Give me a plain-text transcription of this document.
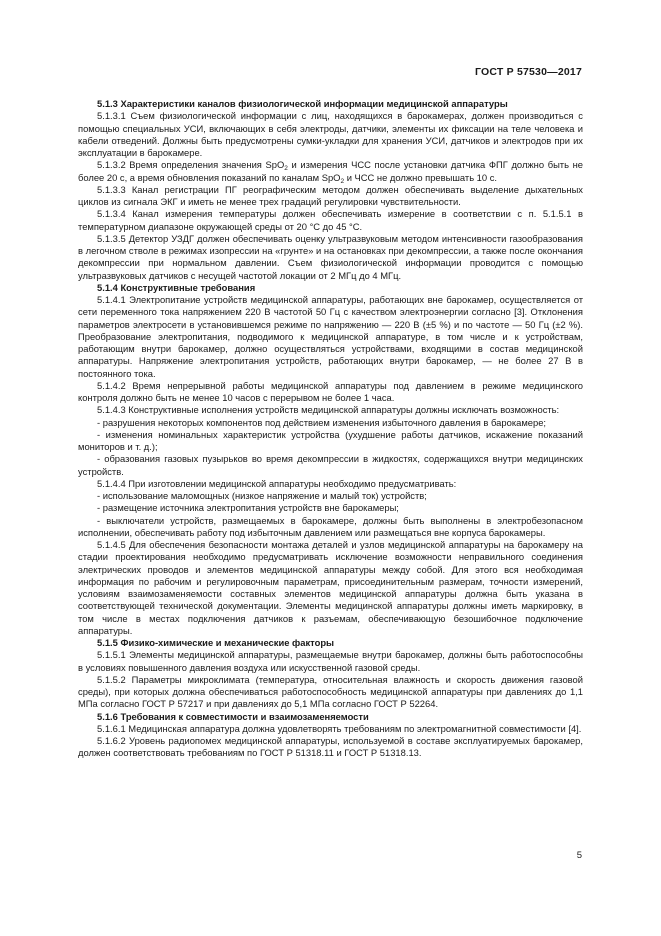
ГОСТ Р 57530—2017

5.1.3 Характеристики каналов физиологической информации медицинской аппаратуры

5.1.3.1 Съем физиологической информации с лиц, находящихся в барокамерах, должен производиться с помощью специальных УСИ, включающих в себя электроды, датчики, элементы их фиксации на теле человека и кабели отведений. Должны быть предусмотрены сумки-укладки для хранения УСИ, датчиков и электродов при их эксплуатации в барокамере.

5.1.3.2 Время определения значения SpO$_2$ и измерения ЧСС после установки датчика ФПГ должно быть не более 20 с, а время обновления показаний по каналам SpO$_2$ и ЧСС не должно превышать 10 с.

5.1.3.3 Канал регистрации ПГ реографическим методом должен обеспечивать выделение дыхательных циклов из сигнала ЭКГ и иметь не менее трех градаций регулировки чувствительности.

5.1.3.4 Канал измерения температуры должен обеспечивать измерение в соответствии с п. 5.1.5.1 в температурном диапазоне окружающей среды от 20 °С до 45 °С.

5.1.3.5 Детектор УЗДГ должен обеспечивать оценку ультразвуковым методом интенсивности газообразования в легочном стволе в режимах изопрессии на «грунте» и на остановках при декомпрессии, а также после окончания декомпрессии при нормальном давлении. Съем физиологической информации проводится с помощью ультразвуковых датчиков с несущей частотой локации от 2 МГц до 4 МГц.

5.1.4 Конструктивные требования

5.1.4.1 Электропитание устройств медицинской аппаратуры, работающих вне барокамер, осуществляется от сети переменного тока напряжением 220 В частотой 50 Гц с качеством электроэнергии согласно [3]. Отклонения параметров электросети в установившемся режиме по напряжению — 220 В (±5 %) и по частоте — 50 Гц (±2 %). Преобразование электропитания, подводимого к медицинской аппаратуре, в том числе и к устройствам, работающим внутри барокамер, должно осуществляться устройствами, входящими в состав медицинской аппаратуры. Напряжение электропитания устройств, работающих внутри барокамер, — не более 27 В в постоянного тока.

5.1.4.2 Время непрерывной работы медицинской аппаратуры под давлением в режиме медицинского контроля должно быть не менее 10 часов с перерывом не более 1 часа.

5.1.4.3 Конструктивные исполнения устройств медицинской аппаратуры должны исключать возможность:

- разрушения некоторых компонентов под действием изменения избыточного давления в барокамере;

- изменения номинальных характеристик устройства (ухудшение работы датчиков, искажение показаний мониторов и т. д.);

- образования газовых пузырьков во время декомпрессии в жидкостях, содержащихся внутри медицинских устройств.

5.1.4.4 При изготовлении медицинской аппаратуры необходимо предусматривать:

- использование маломощных (низкое напряжение и малый ток) устройств;

- размещение источника электропитания устройств вне барокамеры;

- выключатели устройств, размещаемых в барокамере, должны быть выполнены в электробезопасном исполнении, обеспечивать работу под избыточным давлением или размещаться вне корпуса барокамеры.

5.1.4.5 Для обеспечения безопасности монтажа деталей и узлов медицинской аппаратуры на барокамеру на стадии проектирования необходимо предусматривать исключение возможности неправильного соединения электрических проводов и элементов медицинской аппаратуры между собой. Для этого вся необходимая информация по рабочим и регулировочным параметрам, присоединительным размерам, точности измерений, условиям взаимозаменяемости составных элементов медицинской аппаратуры должна быть указана в соответствующей технической документации. Элементы медицинской аппаратуры должны иметь маркировку, в том числе в местах подключения датчиков к разъемам, обеспечивающую безошибочное подключение аппаратуры.

5.1.5 Физико-химические и механические факторы

5.1.5.1 Элементы медицинской аппаратуры, размещаемые внутри барокамер, должны быть работоспособны в условиях повышенного давления воздуха или искусственной газовой среды.

5.1.5.2 Параметры микроклимата (температура, относительная влажность и скорость движения газовой среды), при которых должна обеспечиваться работоспособность медицинской аппаратуры при давлениях до 1,1 МПа согласно ГОСТ Р 57217 и при давлениях до 5,1 МПа согласно ГОСТ Р 52264.

5.1.6 Требования к совместимости и взаимозаменяемости

5.1.6.1 Медицинская аппаратура должна удовлетворять требованиям по электромагнитной совместимости [4].

5.1.6.2 Уровень радиопомех медицинской аппаратуры, используемой в составе эксплуатируемых барокамер, должен соответствовать требованиям по ГОСТ Р 51318.11 и ГОСТ Р 51318.13.

5
